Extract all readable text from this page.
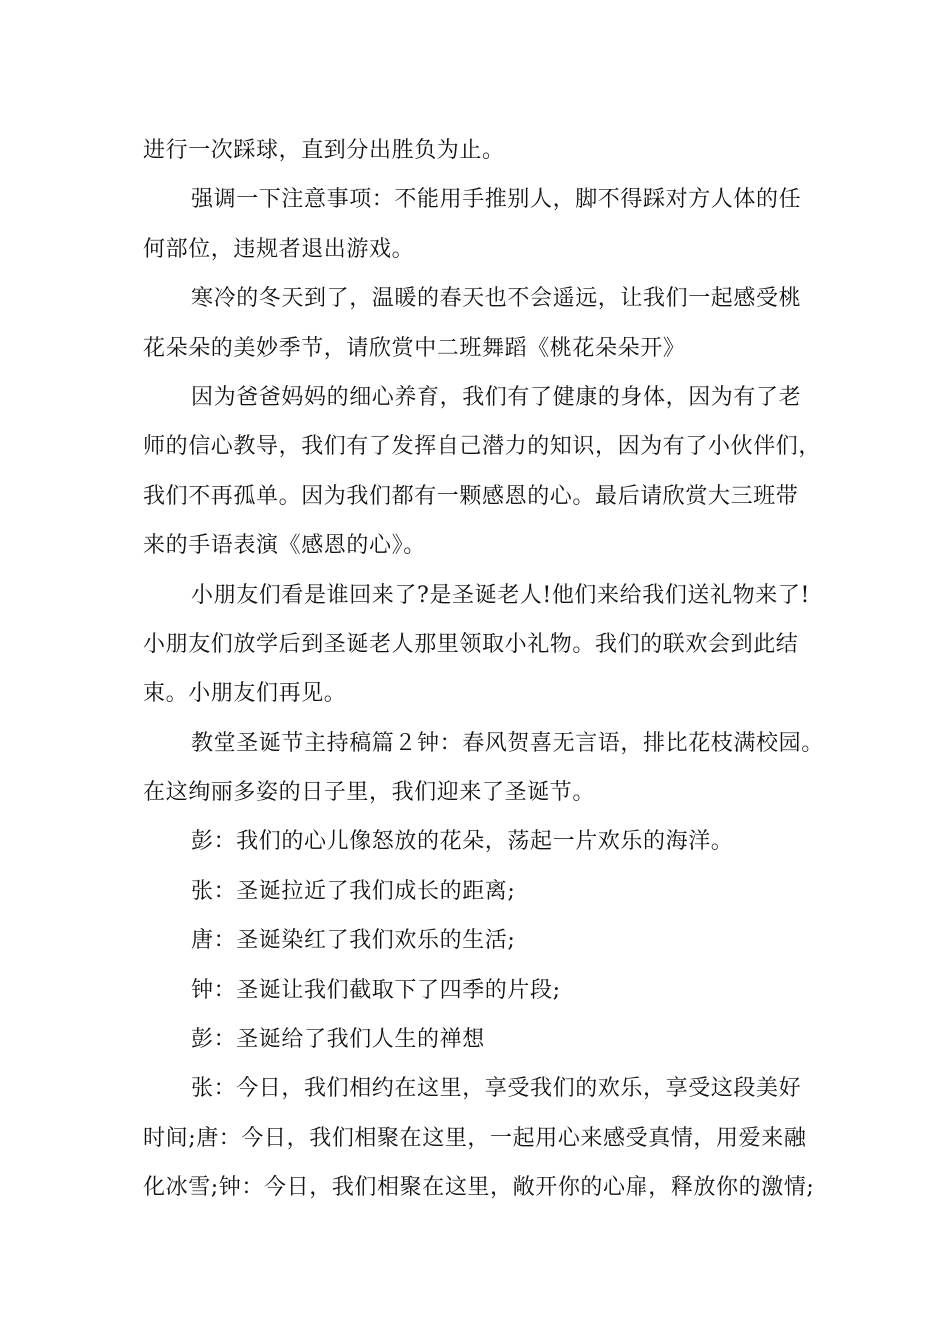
进行一次踩球，直到分出胜负为止。
强调一下注意事项：不能用手推别人，脚不得踩对方人体的任
何部位，违规者退出游戏。
寒冷的冬天到了，温暖的春天也不会遥远，让我们一起感受桃
花朵朵的美妙季节，请欣赏中二班舞蹈《桃花朵朵开》
因为爸爸妈妈的细心养育，我们有了健康的身体，因为有了老
师的信心教导，我们有了发挥自己潜力的知识，因为有了小伙伴们，
我们不再孤单。因为我们都有一颗感恩的心。最后请欣赏大三班带
来的手语表演《感恩的心》。
小朋友们看是谁回来了?是圣诞老人!他们来给我们送礼物来了!
小朋友们放学后到圣诞老人那里领取小礼物。我们的联欢会到此结
束。小朋友们再见。
教堂圣诞节主持稿篇２钟：春风贺喜无言语，排比花枝满校园。
在这绚丽多姿的日子里，我们迎来了圣诞节。
彭：我们的心儿像怒放的花朵，荡起一片欢乐的海洋。
张：圣诞拉近了我们成长的距离;
唐：圣诞染红了我们欢乐的生活;
钟：圣诞让我们截取下了四季的片段;
彭：圣诞给了我们人生的禅想
张：今日，我们相约在这里，享受我们的欢乐，享受这段美好
时间;唐：今日，我们相聚在这里，一起用心来感受真情，用爱来融
化冰雪;钟：今日，我们相聚在这里，敞开你的心扉，释放你的激情;
